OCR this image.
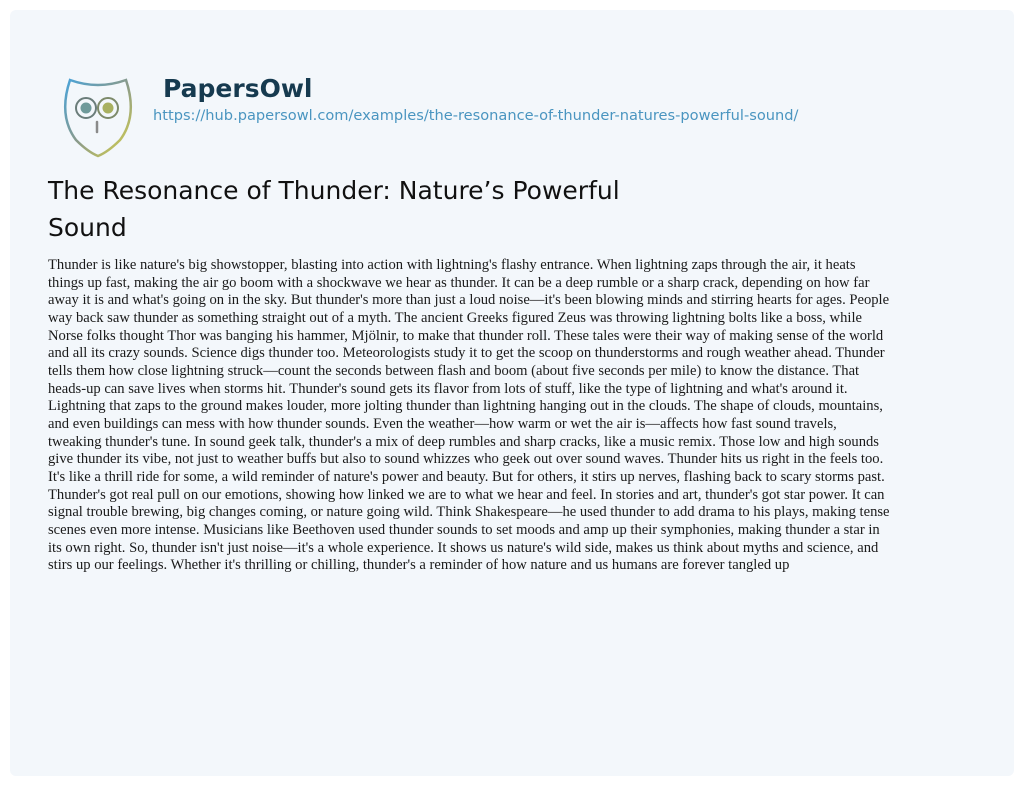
PapersOwl
https://hub.papersowl.com/examples/the-resonance-of-thunder-natures-powerful-sound/
The Resonance of Thunder: Nature’s Powerful Sound
Thunder is like nature's big showstopper, blasting into action with lightning's flashy entrance. When lightning zaps through the air, it heats
things up fast, making the air go boom with a shockwave we hear as thunder. It can be a deep rumble or a sharp crack, depending on how far
away it is and what's going on in the sky. But thunder's more than just a loud noise—it's been blowing minds and stirring hearts for ages. People
way back saw thunder as something straight out of a myth. The ancient Greeks figured Zeus was throwing lightning bolts like a boss, while
Norse folks thought Thor was banging his hammer, Mjölnir, to make that thunder roll. These tales were their way of making sense of the world
and all its crazy sounds. Science digs thunder too. Meteorologists study it to get the scoop on thunderstorms and rough weather ahead. Thunder
tells them how close lightning struck—count the seconds between flash and boom (about five seconds per mile) to know the distance. That
heads-up can save lives when storms hit. Thunder's sound gets its flavor from lots of stuff, like the type of lightning and what's around it.
Lightning that zaps to the ground makes louder, more jolting thunder than lightning hanging out in the clouds. The shape of clouds, mountains,
and even buildings can mess with how thunder sounds. Even the weather—how warm or wet the air is—affects how fast sound travels,
tweaking thunder's tune. In sound geek talk, thunder's a mix of deep rumbles and sharp cracks, like a music remix. Those low and high sounds
give thunder its vibe, not just to weather buffs but also to sound whizzes who geek out over sound waves. Thunder hits us right in the feels too.
It's like a thrill ride for some, a wild reminder of nature's power and beauty. But for others, it stirs up nerves, flashing back to scary storms past.
Thunder's got real pull on our emotions, showing how linked we are to what we hear and feel. In stories and art, thunder's got star power. It can
signal trouble brewing, big changes coming, or nature going wild. Think Shakespeare—he used thunder to add drama to his plays, making tense
scenes even more intense. Musicians like Beethoven used thunder sounds to set moods and amp up their symphonies, making thunder a star in
its own right. So, thunder isn't just noise—it's a whole experience. It shows us nature's wild side, makes us think about myths and science, and
stirs up our feelings. Whether it's thrilling or chilling, thunder's a reminder of how nature and us humans are forever tangled up
